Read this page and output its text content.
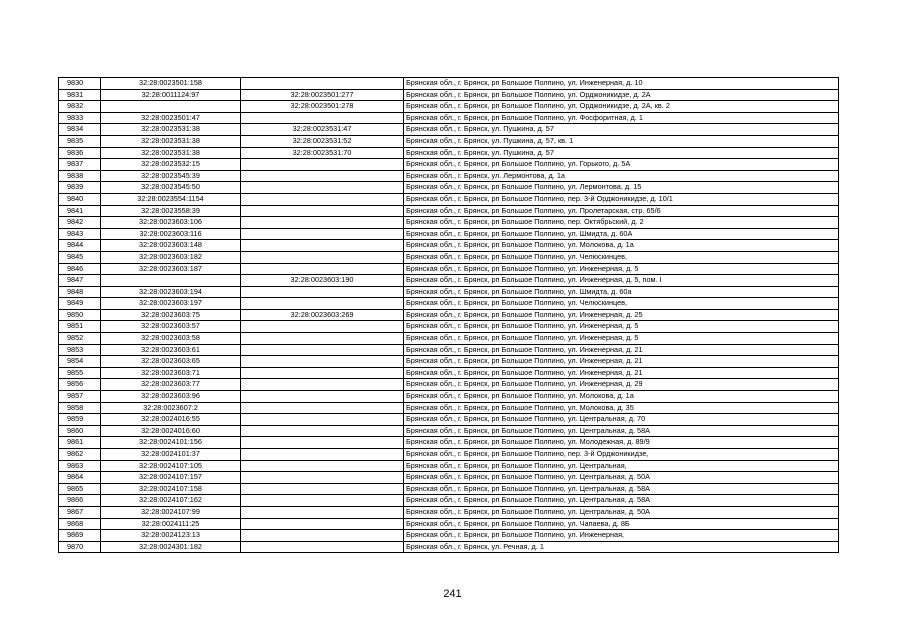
9830	32:28:0023501:158		Брянская обл., г. Брянск, рп Большое Полпино, ул. Инженерная, д. 10
9831	32:28:0011124:97	32:28:0023501:277	Брянская обл., г. Брянск, рп Большое Полпино, ул. Орджоникидзе, д. 2А
9832		32:28:0023501:278	Брянская обл., г. Брянск, рп Большое Полпино, ул. Орджоникидзе, д. 2А, кв. 2
9833	32:28:0023501:47		Брянская обл., г. Брянск, рп Большое Полпино, ул. Фосфоритная, д. 1
9834	32:28:0023531:38	32:28:0023531:47	Брянская обл., г. Брянск, ул. Пушкина, д. 57
9835	32:28:0023531:38	32:28:0023531:52	Брянская обл., г. Брянск, ул. Пушкина, д. 57, кв. 1
9836	32:28:0023531:38	32:28:0023531:70	Брянская обл., г. Брянск, ул. Пушкина, д. 57
9837	32:28:0023532:15		Брянская обл., г. Брянск, рп Большое Полпино, ул. Горького, д. 5А
9838	32:28:0023545:39		Брянская обл., г. Брянск, ул. Лермонтова, д. 1а
9839	32:28:0023545:50		Брянская обл., г. Брянск, рп Большое Полпино, ул. Лермонтова, д. 15
9840	32:28:0023554:1154		Брянская обл., г. Брянск, рп Большое Полпино, пер. 3-й Орджоникидзе, д. 10/1
9841	32:28:0023558:39		Брянская обл., г. Брянск, рп Большое Полпино, ул. Пролетарская, стр. 65/6
9842	32:28:0023603:106		Брянская обл., г. Брянск, рп Большое Полпино, пер. Октябрьский, д. 2
9843	32:28:0023603:116		Брянская обл., г. Брянск, рп Большое Полпино, ул. Шмидта, д. 60А
9844	32:28:0023603:148		Брянская обл., г. Брянск, рп Большое Полпино, ул. Молокова, д. 1а
9845	32:28:0023603:182		Брянская обл., г. Брянск, рп Большое Полпино, ул. Челюскинцев,
9846	32:28:0023603:187		Брянская обл., г. Брянск, рп Большое Полпино, ул. Инженерная, д. 5
9847		32:28:0023603:190	Брянская обл., г. Брянск, рп Большое Полпино, ул. Инженерная, д. 5, пом. I
9848	32:28:0023603:194		Брянская обл., г. Брянск, рп Большое Полпино, ул. Шмидта, д. 60а
9849	32:28:0023603:197		Брянская обл., г. Брянск, рп Большое Полпино, ул. Челюскинцев,
9850	32:28:0023603:75	32:28:0023603:269	Брянская обл., г. Брянск, рп Большое Полпино, ул. Инженерная, д. 25
9851	32:28:0023603:57		Брянская обл., г. Брянск, рп Большое Полпино, ул. Инженерная, д. 5
9852	32:28:0023603:58		Брянская обл., г. Брянск, рп Большое Полпино, ул. Инженерная, д. 5
9853	32:28:0023603:61		Брянская обл., г. Брянск, рп Большое Полпино, ул. Инженерная, д. 21
9854	32:28:0023603:65		Брянская обл., г. Брянск, рп Большое Полпино, ул. Инженерная, д. 21
9855	32:28:0023603:71		Брянская обл., г. Брянск, рп Большое Полпино, ул. Инженерная, д. 21
9856	32:28:0023603:77		Брянская обл., г. Брянск, рп Большое Полпино, ул. Инженерная, д. 29
9857	32:28:0023603:96		Брянская обл., г. Брянск, рп Большое Полпино, ул. Молокова, д. 1а
9858	32:28:0023607:2		Брянская обл., г. Брянск, рп Большое Полпино, ул. Молокова, д. 35
9859	32:28:0024016:55		Брянская обл., г. Брянск, рп Большое Полпино, ул. Центральная, д. 70
9860	32:28:0024016:60		Брянская обл., г. Брянск, рп Большое Полпино, ул. Центральная, д. 58А
9861	32:28:0024101:156		Брянская обл., г. Брянск, рп Большое Полпино, ул. Молодежная, д. 89/9
9862	32:28:0024101:37		Брянская обл., г. Брянск, рп Большое Полпино, пер. 3-й Орджоникидзе,
9863	32:28:0024107:105		Брянская обл., г. Брянск, рп Большое Полпино, ул. Центральная,
9864	32:28:0024107:157		Брянская обл., г. Брянск, рп Большое Полпино, ул. Центральная, д. 50А
9865	32:28:0024107:158		Брянская обл., г. Брянск, рп Большое Полпино, ул. Центральная, д. 58А
9866	32:28:0024107:162		Брянская обл., г. Брянск, рп Большое Полпино, ул. Центральная, д. 58А
9867	32:28:0024107:99		Брянская обл., г. Брянск, рп Большое Полпино, ул. Центральная, д. 50А
9868	32:28:0024111:25		Брянская обл., г. Брянск, рп Большое Полпино, ул. Чапаева, д. 8Б
9869	32:28:0024123:13		Брянская обл., г. Брянск, рп Большое Полпино, ул. Инженерная,
9870	32:28:0024301:182		Брянская обл., г. Брянск, ул. Речная, д. 1
241
